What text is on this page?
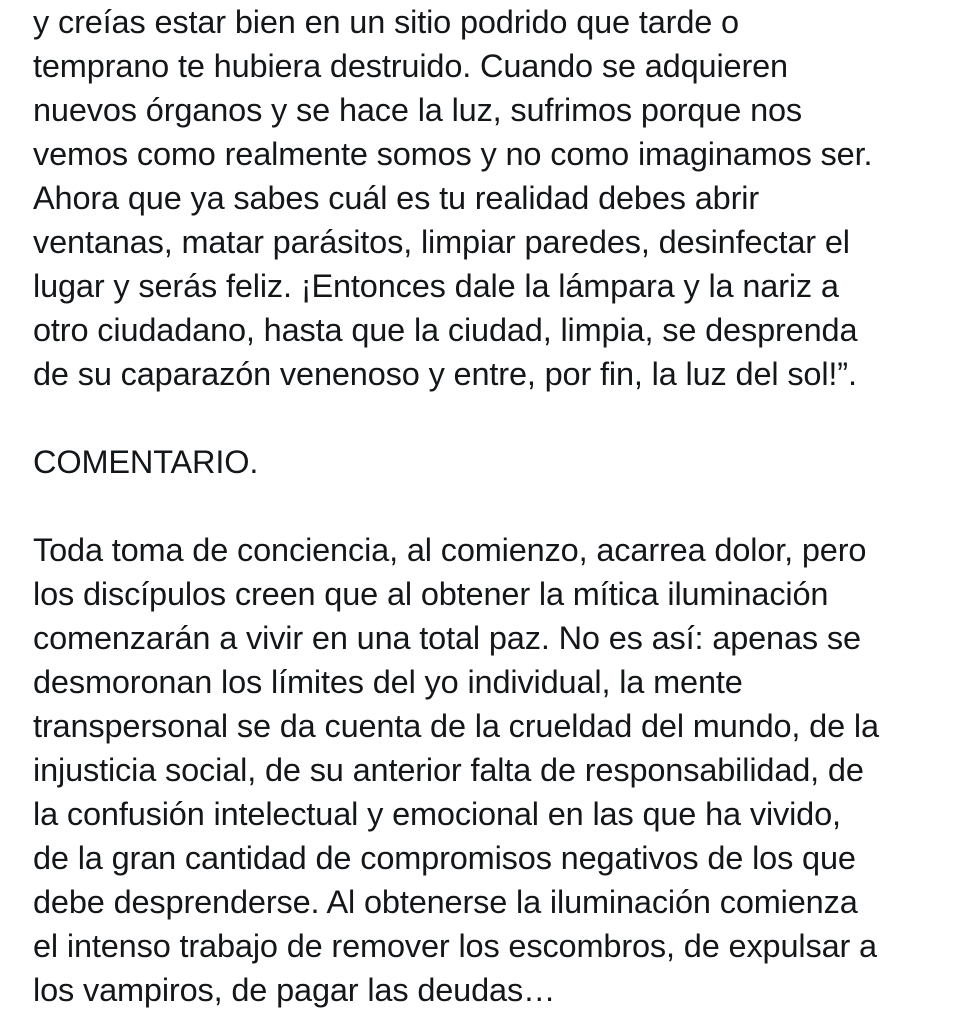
y creías estar bien en un sitio podrido que tarde o
temprano te hubiera destruido. Cuando se adquieren
nuevos órganos y se hace la luz, sufrimos porque nos
vemos como realmente somos y no como imaginamos ser.
Ahora que ya sabes cuál es tu realidad debes abrir
ventanas, matar parásitos, limpiar paredes, desinfectar el
lugar y serás feliz. ¡Entonces dale la lámpara y la nariz a
otro ciudadano, hasta que la ciudad, limpia, se desprenda
de su caparazón venenoso y entre, por fin, la luz del sol!”.
COMENTARIO.
Toda toma de conciencia, al comienzo, acarrea dolor, pero
los discípulos creen que al obtener la mítica iluminación
comenzarán a vivir en una total paz. No es así: apenas se
desmoronan los límites del yo individual, la mente
transpersonal se da cuenta de la crueldad del mundo, de la
injusticia social, de su anterior falta de responsabilidad, de
la confusión intelectual y emocional en las que ha vivido,
de la gran cantidad de compromisos negativos de los que
debe desprenderse. Al obtenerse la iluminación comienza
el intenso trabajo de remover los escombros, de expulsar a
los vampiros, de pagar las deudas…
